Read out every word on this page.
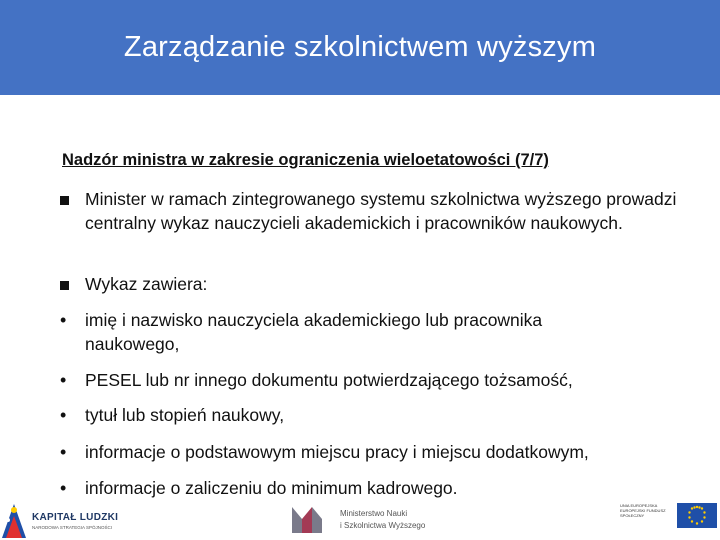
Zarządzanie szkolnictwem wyższym
Nadzór ministra w zakresie ograniczenia wieloetatowości (7/7)
Minister w ramach zintegrowanego systemu szkolnictwa wyższego prowadzi centralny wykaz nauczycieli akademickich i pracowników naukowych.
Wykaz zawiera:
•	imię i nazwisko nauczyciela akademickiego lub pracownika naukowego,
•	PESEL lub nr innego dokumentu potwierdzającego tożsamość,
•	tytuł lub stopień naukowy,
•	informacje o podstawowym miejscu pracy i miejscu dodatkowym,
•	informacje o zaliczeniu do minimum kadrowego.
KAPITAŁ LUDZKI
NARODOWA STRATEGIA SPÓJNOŚCI
Ministerstwo Nauki
i Szkolnictwa Wyższego
UNIA EUROPEJSKA EUROPEJSKI FUNDUSZ SPOŁECZNY
